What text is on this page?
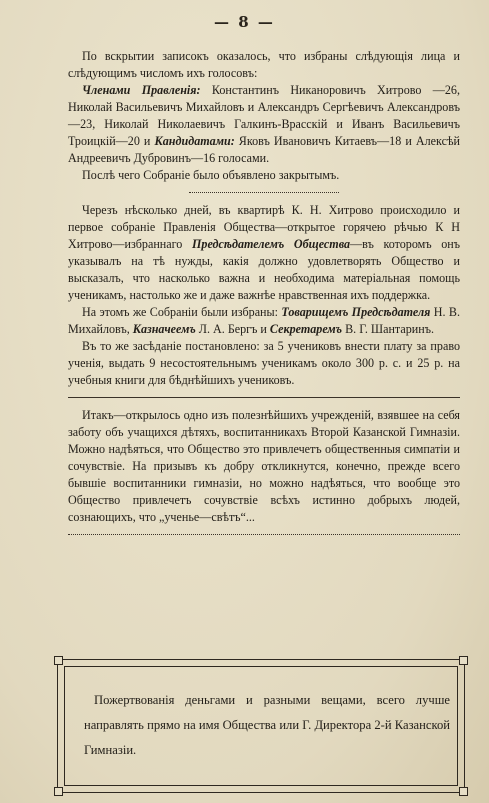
— 8 —

По вскрытии записокъ оказалось, что избраны слѣдующія лица и слѣдующимъ числомъ ихъ голосовъ:

Членами Правленія: Константинъ Никаноровичъ Хитрово —26, Николай Васильевичъ Михайловъ и Александръ Сергѣевичъ Александровъ—23, Николай Николаевичъ Галкинъ-Врасскій и Иванъ Васильевичъ Троицкій—20 и Кандидатами: Яковъ Ивановичъ Китаевъ—18 и Алексѣй Андреевичъ Дубровинъ—16 голосами.

Послѣ чего Собраніе было объявлено закрытымъ.

Черезъ нѣсколько дней, въ квартирѣ К. Н. Хитрово происходило и первое собраніе Правленія Общества—открытое горячею рѣчью К Н Хитрово—избраннаго Предсѣдателемъ Общества—въ которомъ онъ указывалъ на тѣ нужды, какія должно удовлетворять Общество и высказалъ, что насколько важна и необходима матеріальная помощь ученикамъ, настолько же и даже важнѣе нравственная ихъ поддержка.

На этомъ же Собраніи были избраны: Товарищемъ Предсѣдателя Н. В. Михайловъ, Казначеемъ Л. А. Бергъ и Секретаремъ В. Г. Шантаринъ.

Въ то же засѣданіе постановлено: за 5 учениковъ внести плату за право ученія, выдать 9 несостоятельнымъ ученикамъ около 300 р. с. и 25 р. на учебныя книги для бѣднѣйшихъ учениковъ.

Итакъ—открылось одно изъ полезнѣйшихъ учрежденій, взявшее на себя заботу объ учащихся дѣтяхъ, воспитанникахъ Второй Казанской Гимназіи. Можно надѣяться, что Общество это привлечетъ общественныя симпатіи и сочувствіе. На призывъ къ добру откликнутся, конечно, прежде всего бывшіе воспитанники гимназіи, но можно надѣяться, что вообще это Общество привлечетъ сочувствіе всѣхъ истинно добрыхъ людей, сознающихъ, что „ученье—свѣтъ“...

Пожертвованія деньгами и разными вещами, всего лучше направлять прямо на имя Общества или Г. Директора 2-й Казанской Гимназіи.
